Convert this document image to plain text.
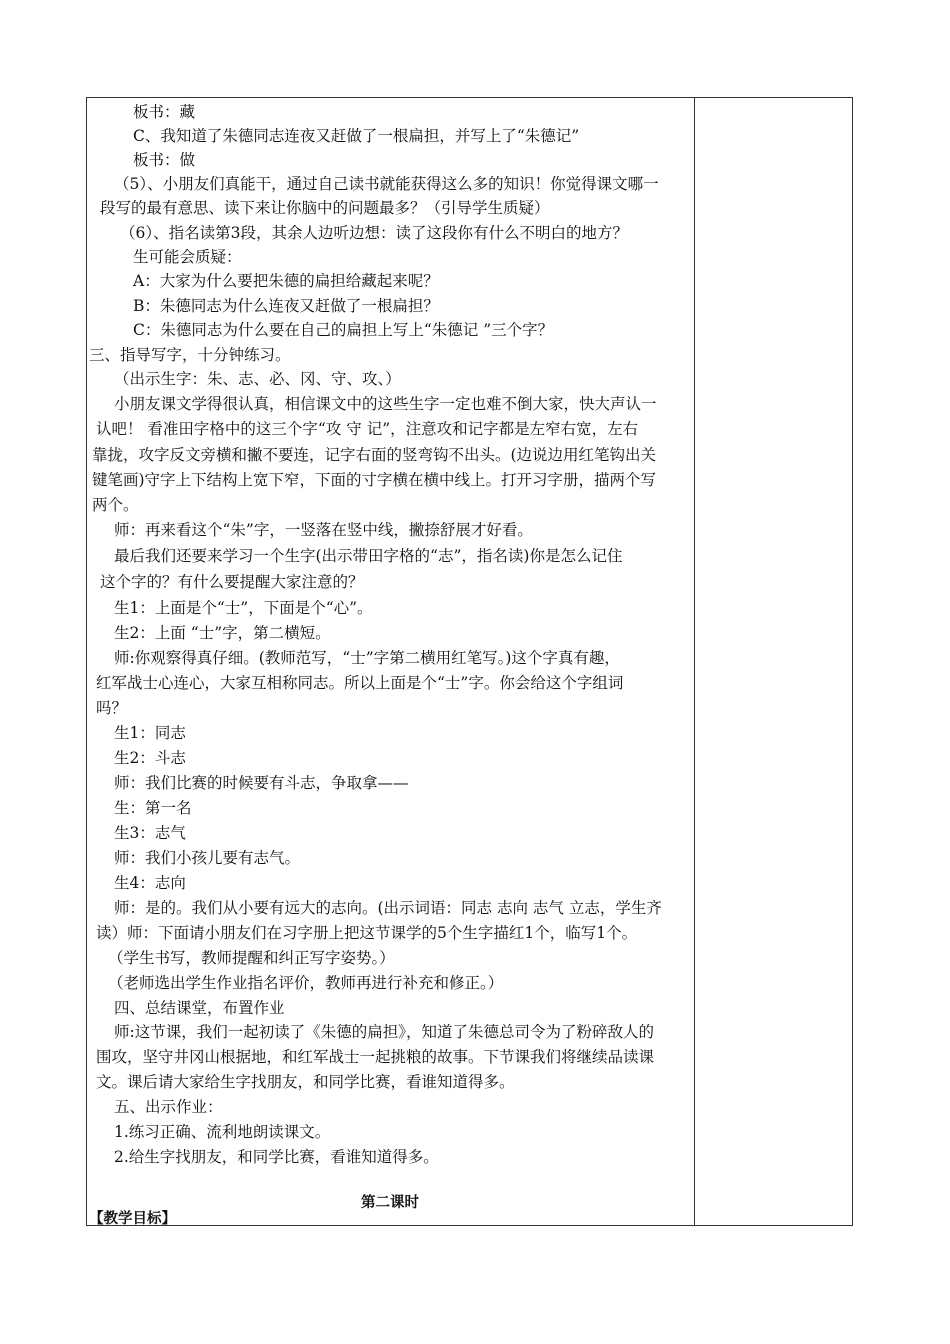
板书：藏
C、我知道了朱德同志连夜又赶做了一根扁担，并写上了“朱德记”
板书：做
（5）、小朋友们真能干，通过自己读书就能获得这么多的知识！你觉得课文哪一
段写的最有意思、读下来让你脑中的问题最多？（引导学生质疑）
（6）、指名读第3段，其余人边听边想：读了这段你有什么不明白的地方？
生可能会质疑：
A：大家为什么要把朱德的扁担给藏起来呢？
B：朱德同志为什么连夜又赶做了一根扁担？
C：朱德同志为什么要在自己的扁担上写上“朱德记 ”三个字？
三、指导写字，十分钟练习。
（出示生字：朱、志、必、冈、守、攻、）
小朋友课文学得很认真，相信课文中的这些生字一定也难不倒大家，快大声认一
认吧！ 看准田字格中的这三个字“攻 守 记”，注意攻和记字都是左窄右宽，左右
靠拢，攻字反文旁横和撇不要连，记字右面的竖弯钩不出头。(边说边用红笔钩出关
键笔画)守字上下结构上宽下窄，下面的寸字横在横中线上。打开习字册，描两个写
两个。
师：再来看这个“朱”字，一竖落在竖中线，撇捺舒展才好看。
最后我们还要来学习一个生字(出示带田字格的“志”，指名读)你是怎么记住
这个字的？有什么要提醒大家注意的？
生1：上面是个“士”，下面是个“心”。
生2：上面 “士”字，第二横短。
师:你观察得真仔细。(教师范写，“士”字第二横用红笔写。)这个字真有趣，
红军战士心连心，大家互相称同志。所以上面是个“士”字。你会给这个字组词
吗？
生1：同志
生2：斗志
师：我们比赛的时候要有斗志，争取拿——
生：第一名
生3：志气
师：我们小孩儿要有志气。
生4：志向
师：是的。我们从小要有远大的志向。(出示词语：同志 志向 志气 立志，学生齐
读）师：下面请小朋友们在习字册上把这节课学的5个生字描红1个，临写1个。
（学生书写，教师提醒和纠正写字姿势。）
（老师选出学生作业指名评价，教师再进行补充和修正。）
四、总结课堂，布置作业
师:这节课，我们一起初读了《朱德的扁担》，知道了朱德总司令为了粉碎敌人的
围攻，坚守井冈山根据地，和红军战士一起挑粮的故事。下节课我们将继续品读课
文。课后请大家给生字找朋友，和同学比赛，看谁知道得多。
五、出示作业：
1.练习正确、流利地朗读课文。
2.给生字找朋友，和同学比赛，看谁知道得多。
第二课时
【教学目标】
